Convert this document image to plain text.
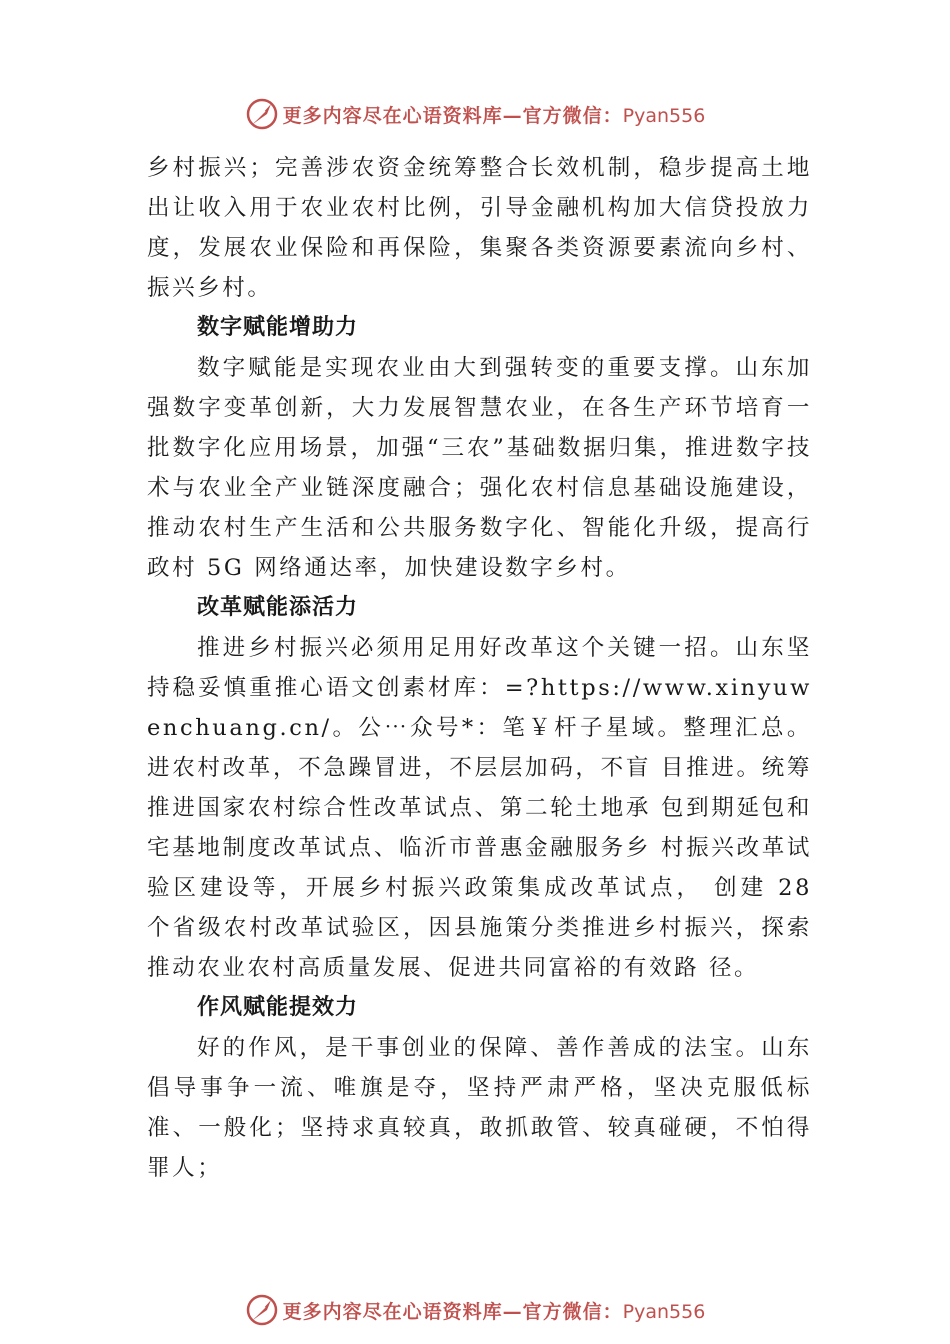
更多内容尽在心语资料库—官方微信：Pyan556

乡村振兴；完善涉农资金统筹整合长效机制，稳步提高土地出让收入用于农业农村比例，引导金融机构加大信贷投放力度，发展农业保险和再保险，集聚各类资源要素流向乡村、 振兴乡村。

数字赋能增助力

数字赋能是实现农业由大到强转变的重要支撑。山东加强数字变革创新，大力发展智慧农业，在各生产环节培育一批数字化应用场景，加强“三农”基础数据归集，推进数字技术与农业全产业链深度融合；强化农村信息基础设施建设，推动农村生产生活和公共服务数字化、智能化升级，提高行政村 5G 网络通达率，加快建设数字乡村。

改革赋能添活力

推进乡村振兴必须用足用好改革这个关键一招。山东坚持稳妥慎重推心语文创素材库：=?https://www.xinyuwenchuang.cn/。公⋯众号*：笔￥杆子星域。整理汇总。进农村改革，不急躁冒进，不层层加码，不盲 目推进。统筹推进国家农村综合性改革试点、第二轮土地承 包到期延包和宅基地制度改革试点、临沂市普惠金融服务乡 村振兴改革试验区建设等，开展乡村振兴政策集成改革试点， 创建 28 个省级农村改革试验区，因县施策分类推进乡村振兴，探索推动农业农村高质量发展、促进共同富裕的有效路 径。

作风赋能提效力

好的作风，是干事创业的保障、善作善成的法宝。山东倡导事争一流、唯旗是夺，坚持严肃严格，坚决克服低标准、一般化；坚持求真较真，敢抓敢管、较真碰硬，不怕得罪人；

更多内容尽在心语资料库—官方微信：Pyan556
